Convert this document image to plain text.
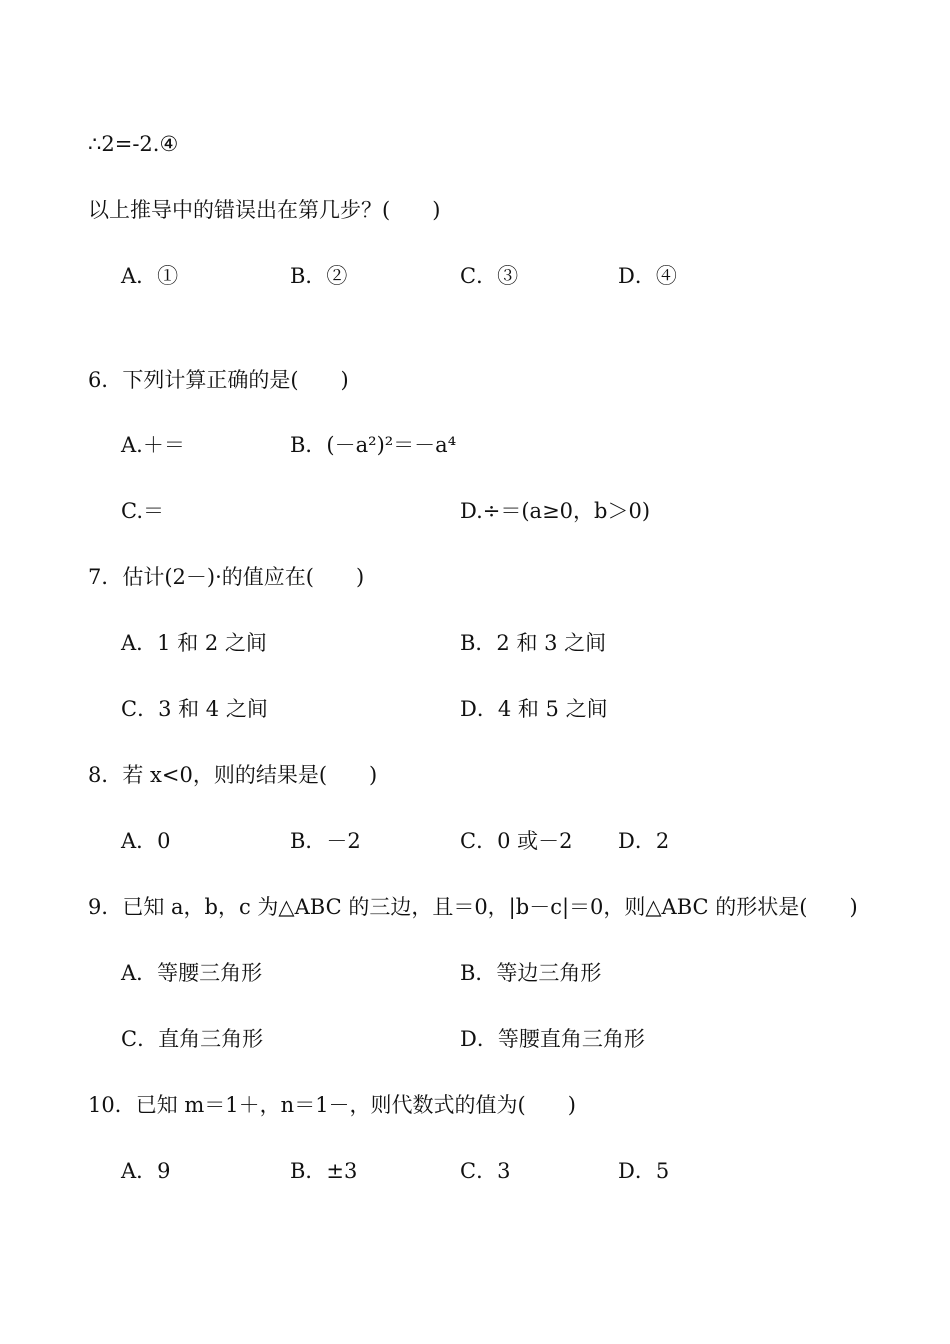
∴2=-2.④
以上推导中的错误出在第几步？(　　)
A．①	B．②	C．③	D．④
6．下列计算正确的是(　　)
A.＋＝	B．(－a²)²＝－a⁴
C.＝	D.÷＝(a≥0，b＞0)
7．估计(2－)·的值应在(　　)
A．1 和 2 之间	B．2 和 3 之间
C．3 和 4 之间	D．4 和 5 之间
8．若 x<0，则的结果是(　　)
A．0	B．－2	C．0 或－2 D．2
9．已知 a，b，c 为△ABC 的三边，且＝0，|b－c|＝0，则△ABC 的形状是(　　)
A．等腰三角形	B．等边三角形
C．直角三角形	D．等腰直角三角形
10．已知 m＝1＋，n＝1－，则代数式的值为(　　)
A．9	B．±3	C．3	D．5
